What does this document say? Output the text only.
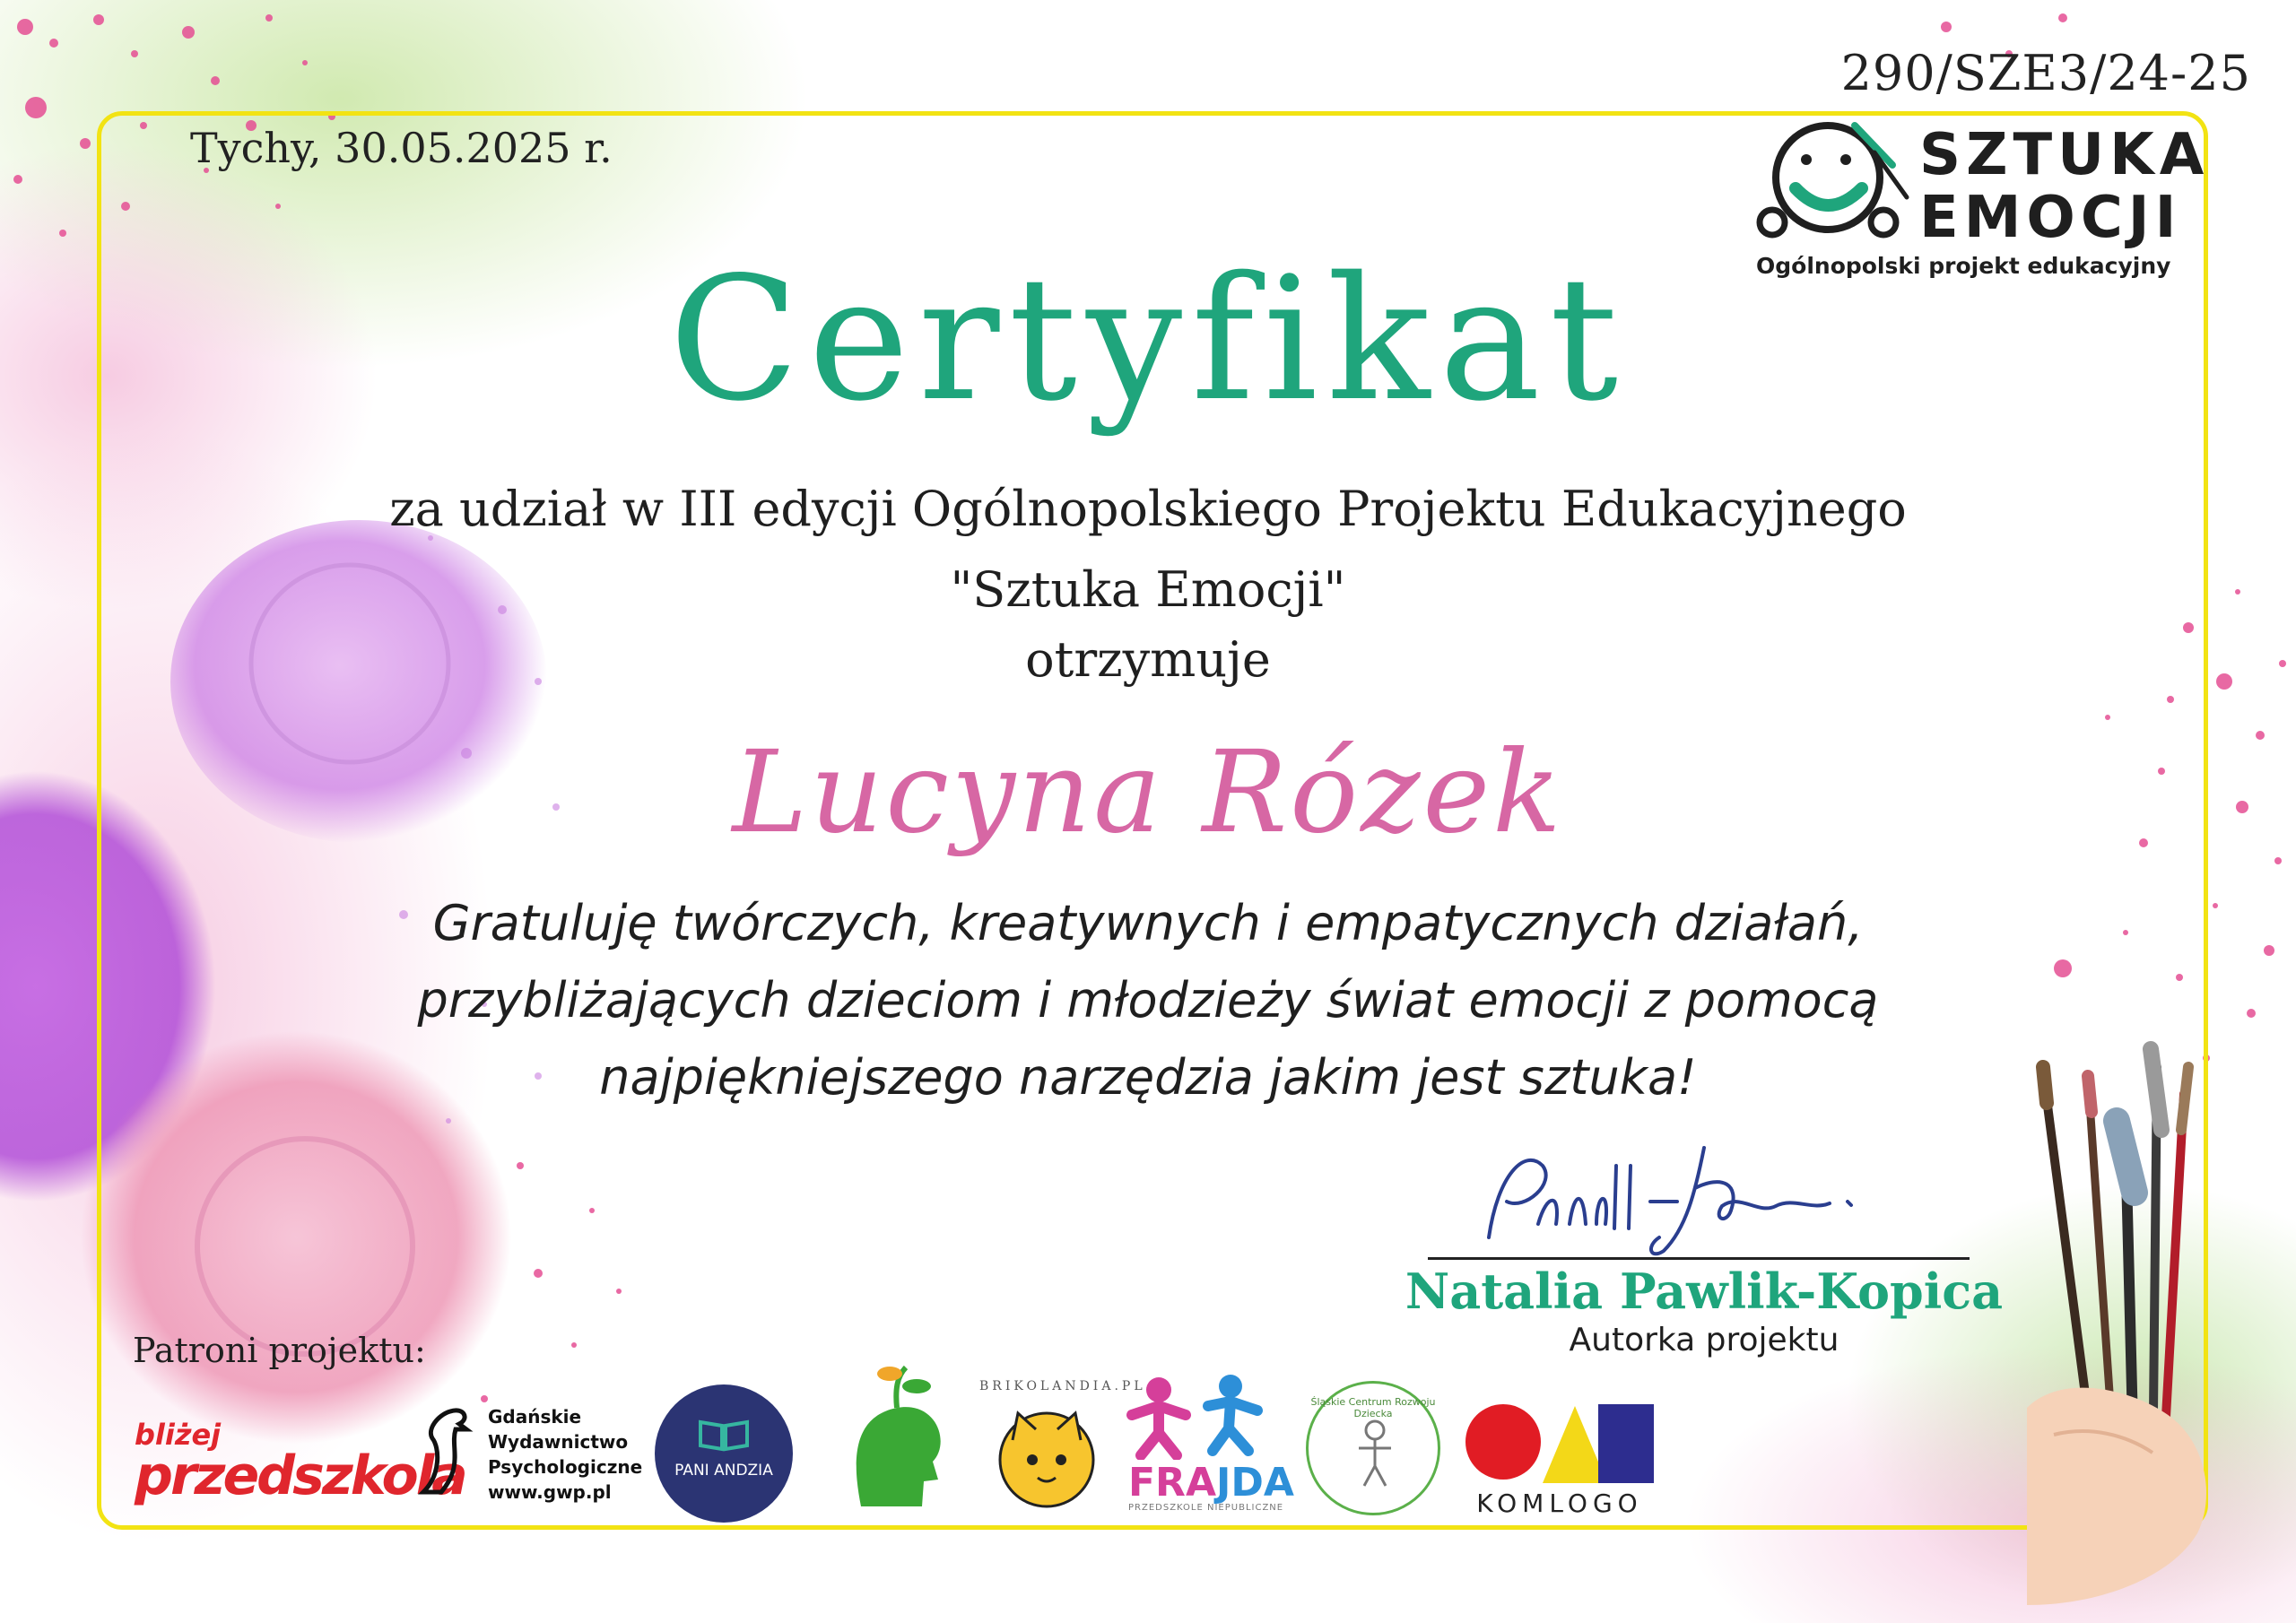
290/SZE3/24-25
Tychy, 30.05.2025 r.	SZTUKA
EMOCJI
Ogólnopolski projekt edukacyjny
Certyfikat
za udział w III edycji Ogólnopolskiego Projektu Edukacyjnego
"Sztuka Emocji"
otrzymuje
Lucyna Rózek
Gratuluję twórczych, kreatywnych i empatycznych działań,
przybliżających dzieciom i młodzieży świat emocji z pomocą
najpiękniejszego narzędzia jakim jest sztuka!
Natalia Pawlik-Kopica
Autorka projektu
Patroni projektu:
bliżej
przedszkola
Gdańskie
Wydawnictwo
Psychologiczne
www.gwp.pl
PANI ANDZIA
BRIKOLANDIA.PL
FRAJDA
PRZEDSZKOLE NIEPUBLICZNE
Śląskie Centrum Rozwoju Dziecka
KOMLOGO
